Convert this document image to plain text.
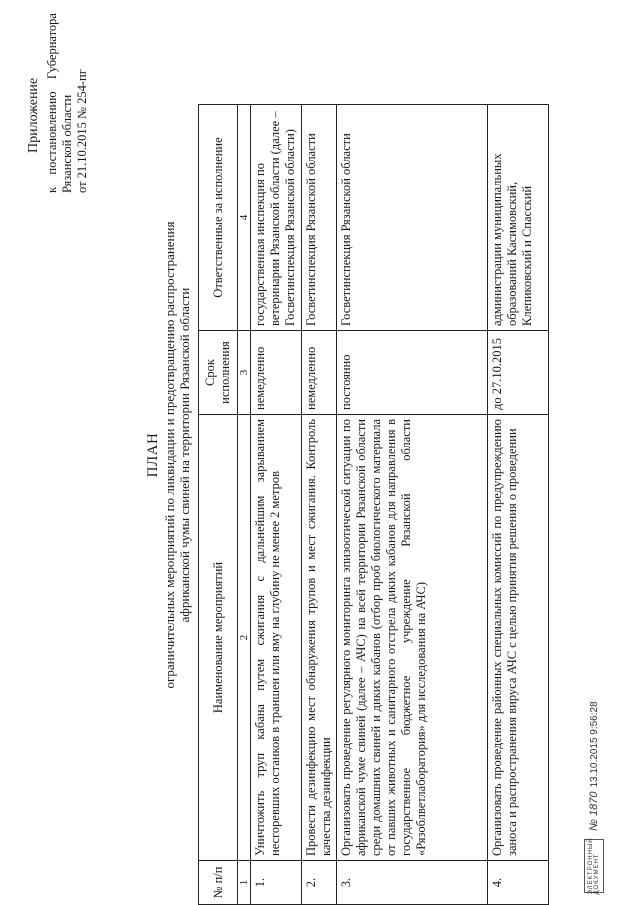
Приложение
к
постановлению
Губернатора
Рязанской области от 21.10.2015 № 254-пг
ПЛАН ограничительных мероприятий по ликвидации и предотвращению распространения африканской чумы свиней на территории Рязанской области
№ п/п	Наименование мероприятий	Срок исполнения	Ответственные за исполнение
1	2	3	4
1.	Уничтожить труп кабана путем сжигания с дальнейшим зарыванием несгоревших останков в траншеи или яму на глубину не менее 2 метров	немедленно	государственная инспекция по ветеринарии Рязанской области (далее – Госветинспекция Рязанской области)
2.	Провести дезинфекцию мест обнаружения трупов и мест сжигания. Контроль качества дезинфекции	немедленно	Госветинспекция Рязанской области
3.	Организовать проведение регулярного мониторинга эпизоотической ситуации по африканской чуме свиней (далее – АЧС) на всей территории Рязанской области среди домашних свиней и диких кабанов (отбор проб биологического материала от павших животных и санитарного отстрела диких кабанов для направления в государственное бюджетное учреждение Рязанской области «Рязоблветлаборатория» для исследования на АЧС)	постоянно	Госветинспекция Рязанской области
4.	Организовать проведение районных специальных комиссий по предупреждению заноса и распространения вируса АЧС с целью принятия решения о проведении	до 27.10.2015	администрации муниципальных образований Касимовский, Клепиковский и Спасский
ЭЛЕКТРОННЫЙ ДОКУМЕНТ
№ 1870
13.10.2015 9:56:28
